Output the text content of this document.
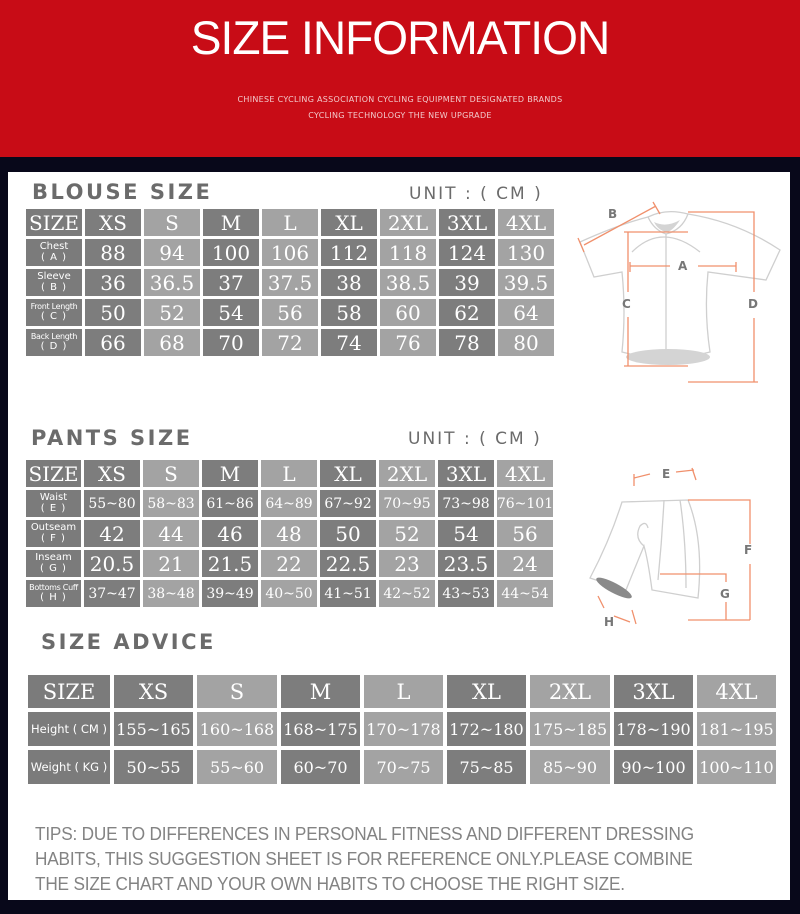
SIZE INFORMATION
CHINESE CYCLING ASSOCIATION CYCLING EQUIPMENT DESIGNATED BRANDS
CYCLING TECHNOLOGY THE NEW UPGRADE
BLOUSE SIZE	UNIT : ( CM )
SIZE XS	S	M	L	XL	2XL 3XL 4XL
Chest
( A )	88	94	100	106	112	118	124	130
Sleeve
( B )	36	36.5	37	37.5	38	38.5	39	39.5
Front Length
( C )	50	52	54	56	58	60	62	64
Back Length
( D )	66	68	70	72	74	76	78	80
B
A
C	D
PANTS SIZE	UNIT : ( CM )
SIZE XS	S	M	L	XL	2XL 3XL 4XL
Waist
( E )	55~80 58~83 61~86 64~89 67~92 70~95 73~98 76~101
Outseam
( F )	42	44	46	48	50	52	54	56
Inseam
( G ) 20.5	21	21.5	22	22.5	23	23.5	24
Bottoms Cuff
( H )	37~47 38~48 39~49 40~50 41~51 42~52 43~53 44~54
E
F
G
H
SIZE ADVICE
SIZE	XS	S	M	L	XL	2XL	3XL	4XL
Height ( CM ) 155~165 160~168 168~175 170~178 172~180 175~185 178~190 181~195
Weight ( KG )	50~55	55~60	60~70	70~75	75~85	85~90	90~100 100~110
TIPS: DUE TO DIFFERENCES IN PERSONAL FITNESS AND DIFFERENT DRESSING
HABITS, THIS SUGGESTION SHEET IS FOR REFERENCE ONLY.PLEASE COMBINE
THE SIZE CHART AND YOUR OWN HABITS TO CHOOSE THE RIGHT SIZE.
